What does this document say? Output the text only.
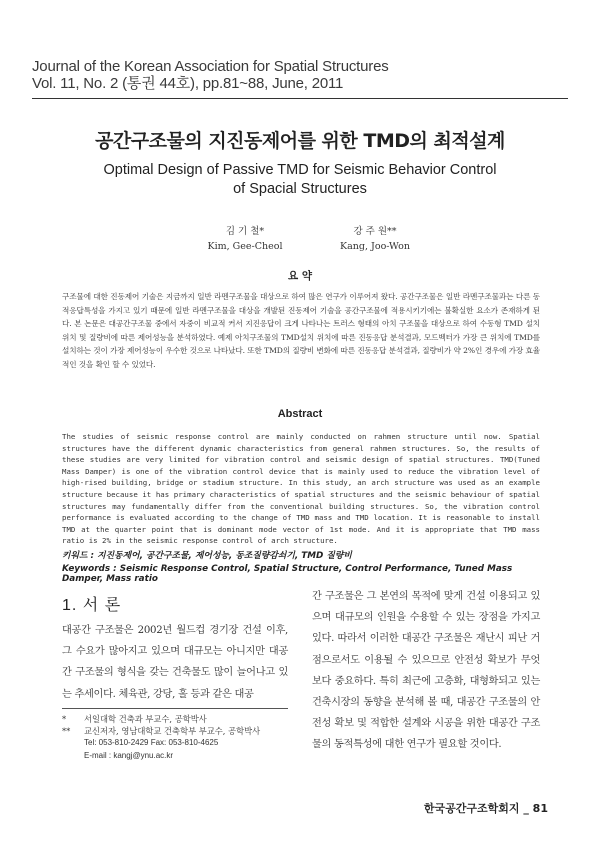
Journal of the Korean Association for Spatial Structures
Vol. 11, No. 2 (통권 44호), pp.81~88, June, 2011
공간구조물의 지진동제어를 위한 TMD의 최적설계
Optimal Design of Passive TMD for Seismic Behavior Control
of Spacial Structures
김 기 철*
Kim, Gee-Cheol
강 주 원**
Kang, Joo-Won
요 약
구조물에 대한 진동제어 기술은 지금까지 일반 라멘구조물을 대상으로 하여 많은 연구가 이루어져 왔다. 공간구조물은 일반 라멘구조물과는 다른 동적응답특성을 가지고 있기 때문에 일반 라멘구조물을 대상을 개발된 진동제어 기술을 공간구조물에 적용시키기에는 불확실한 요소가 존재하게 된다. 본 논문은 대공간구조물 중에서 자중이 비교적 커서 지진응답이 크게 나타나는 트러스 형태의 아치 구조물을 대상으로 하여 수동형 TMD 설치 위치 및 질량비에 따른 제어성능을 분석하였다. 예제 아치구조물의 TMD설치 위치에 따른 진동응답 분석결과, 모드벡터가 가장 큰 위치에 TMD를 설치하는 것이 가장 제어성능이 우수한 것으로 나타났다. 또한 TMD의 질량비 변화에 따른 진동응답 분석결과, 질량비가 약 2%인 경우에 가장 효율적인 것을 확인 할 수 있었다.
Abstract
The studies of seismic response control are mainly conducted on rahmen structure until now. Spatial structures have the different dynamic characteristics from general rahmen structures. So, the results of these studies are very limited for vibration control and seismic design of spatial structures. TMD(Tuned Mass Damper) is one of the vibration control device that is mainly used to reduce the vibration level of high-rised building, bridge or stadium structure. In this study, an arch structure was used as an example structure because it has primary characteristics of spatial structures and the seismic behaviour of spatial structures may fundamentally differ from the conventional building structures. So, the vibration control performance is evaluated according to the change of TMD mass and TMD location. It is reasonable to install TMD at the quarter point that is dominant mode vector of 1st mode. And it is appropriate that TMD mass ratio is 2% in the seismic response control of arch structure.
키워드 : 지진동제어, 공간구조물, 제어성능, 동조질량감쇠기, TMD 질량비
Keywords : Seismic Response Control, Spatial Structure, Control Performance, Tuned Mass Damper, Mass ratio
1. 서 론
대공간 구조물은 2002년 월드컵 경기장 건설 이후, 그 수요가 많아지고 있으며 대규모는 아니지만 대공간 구조물의 형식을 갖는 건축물도 많이 늘어나고 있는 추세이다. 체육관, 강당, 홀 등과 같은 대공
간 구조물은 그 본연의 목적에 맞게 건설 이용되고 있으며 대규모의 인원을 수용할 수 있는 장점을 가지고 있다. 따라서 이러한 대공간 구조물은 재난시 피난 거점으로서도 이용될 수 있으므로 안전성 확보가 무엇 보다 중요하다. 특히 최근에 고층화, 대형화되고 있는 건축시장의 동향을 분석해 볼 때, 대공간 구조물의 안전성 확보 및 적합한 설계와 시공을 위한 대공간 구조물의 동적특성에 대한 연구가 필요할 것이다.
* 서일대학 건축과 부교수, 공학박사
** 교신저자, 영남대학교 건축학부 부교수, 공학박사
Tel: 053-810-2429 Fax: 053-810-4625
E-mail : kangj@ynu.ac.kr
한국공간구조학회지 _ 81
